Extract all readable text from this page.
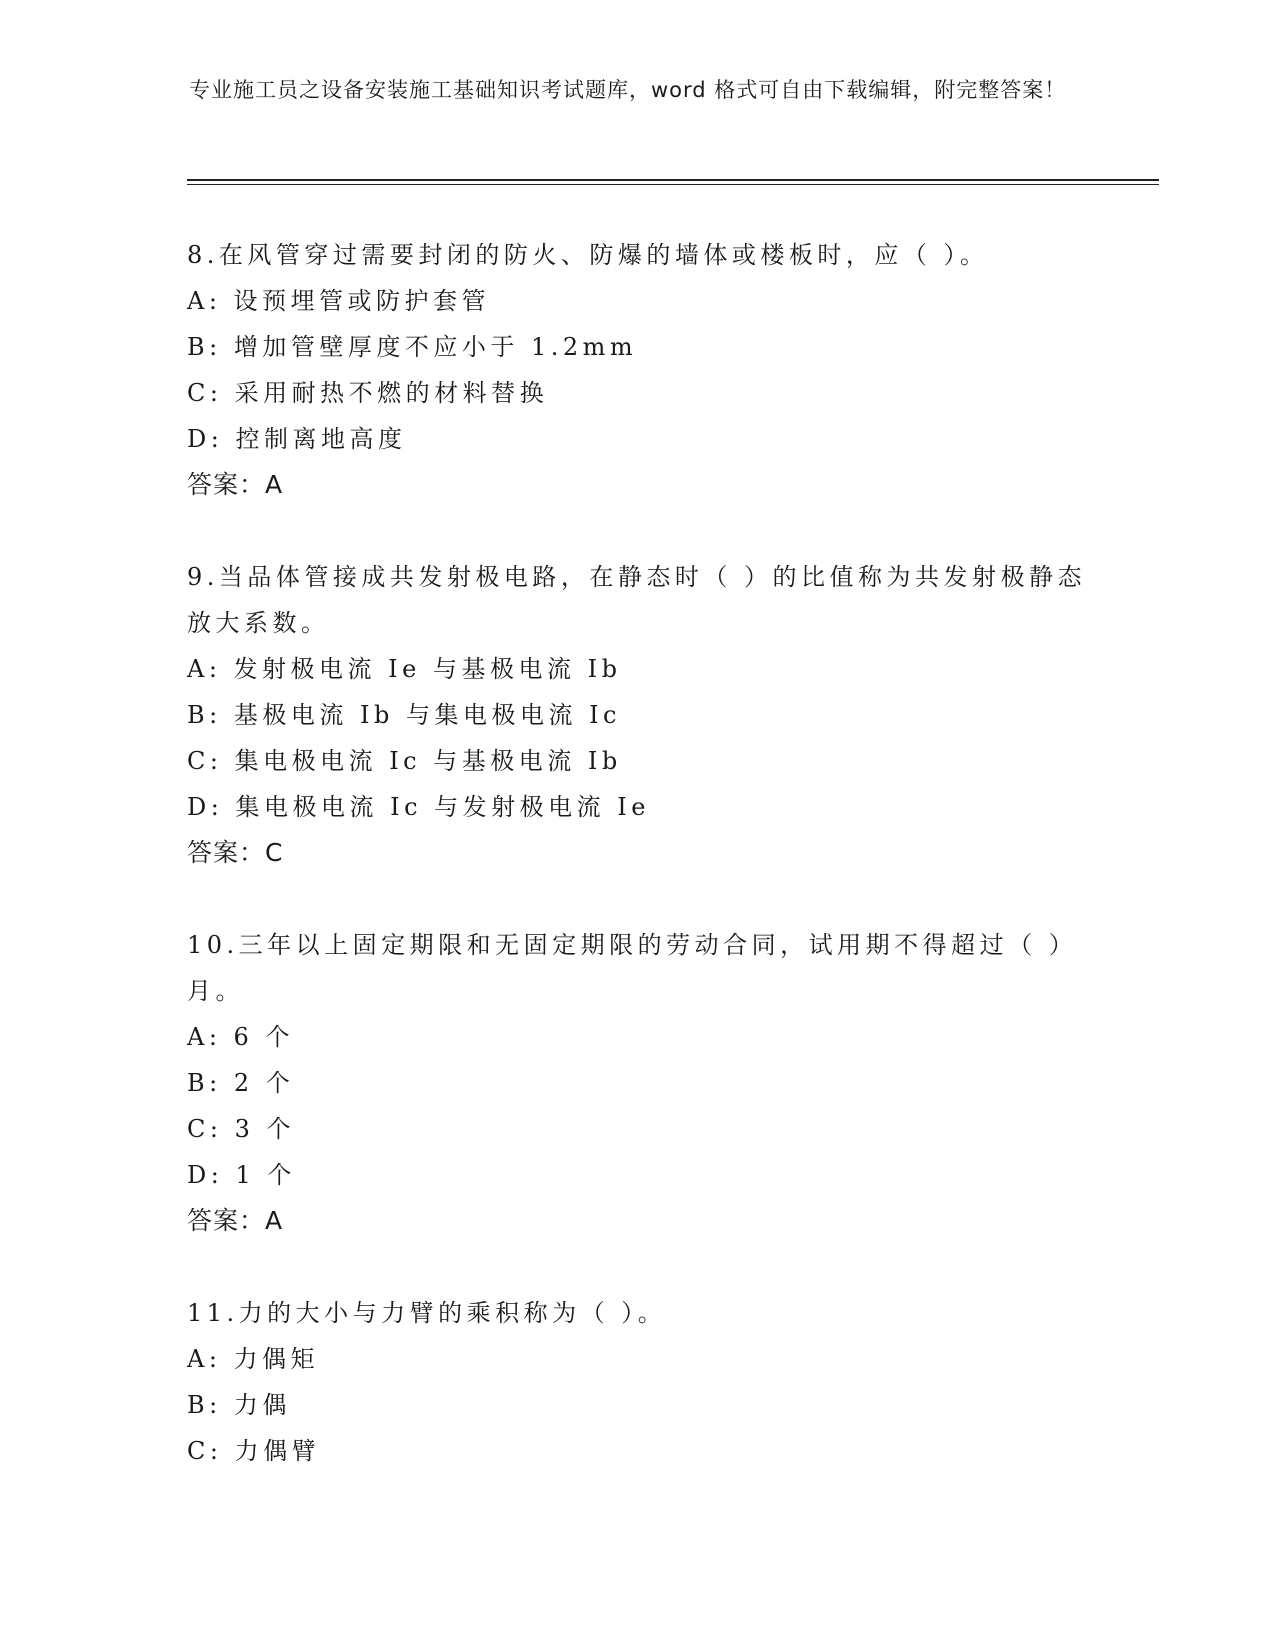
专业施工员之设备安装施工基础知识考试题库，word 格式可自由下载编辑，附完整答案！

8.在风管穿过需要封闭的防火、防爆的墙体或楼板时，应（ ）。

A: 设预埋管或防护套管

B: 增加管壁厚度不应小于 1.2mm

C: 采用耐热不燃的材料替换

D: 控制离地高度

答案：A

9.当品体管接成共发射极电路，在静态时（ ）的比值称为共发射极静态放大系数。

A: 发射极电流 Ie 与基极电流 Ib

B: 基极电流 Ib 与集电极电流 Ic

C: 集电极电流 Ic 与基极电流 Ib

D: 集电极电流 Ic 与发射极电流 Ie

答案：C

10.三年以上固定期限和无固定期限的劳动合同，试用期不得超过（ ）月。

A: 6 个

B: 2 个

C: 3 个

D: 1 个

答案：A

11.力的大小与力臂的乘积称为（ ）。

A: 力偶矩

B: 力偶

C: 力偶臂
